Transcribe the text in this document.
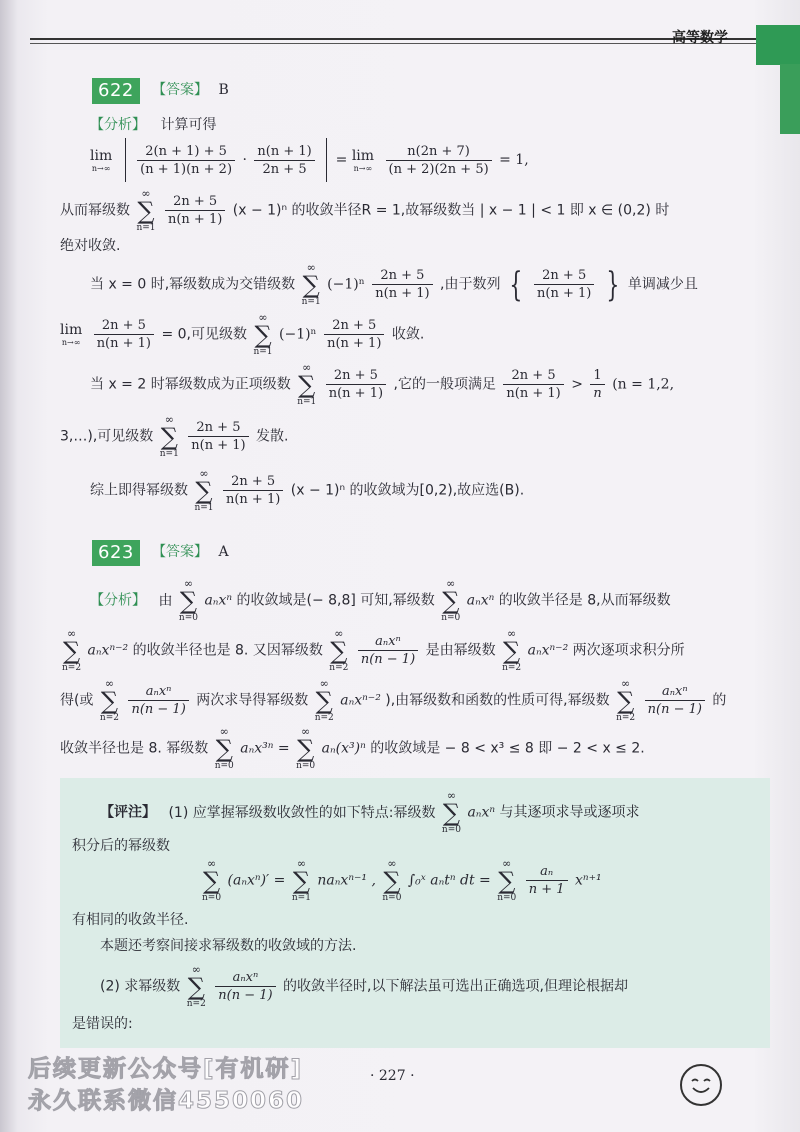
高等数学
622	【答案】 B
【分析】 计算可得
lim
n→∞
$\frac{2(n + 1) + 5}{(n + 1)(n + 2)} \cdot \frac{n(n + 1)}{2n + 5} = \lim$
n→∞
$\frac{n(2n + 7)}{(n + 2)(2n + 5)} = 1$,
从而幂级数
∞
∑
n=1
$\frac{2n + 5}{n(n + 1)} (x - 1)^n$ 的收敛半径R = 1,故幂级数当 | x − 1 | < 1 即 x ∈ (0,2) 时
绝对收敛.
当 x = 0 时,幂级数成为交错级数
∞
∑
n=1
$(-1)^n \frac{2n + 5}{n(n + 1)}$ ,由于数列 { $\frac{2n + 5}{n(n + 1)}$ } 单调减少且
lim
n→∞
$\frac{2n + 5}{n(n + 1)} = 0$,可见级数
∞
∑
n=1
$(-1)^n \frac{2n + 5}{n(n + 1)}$ 收敛.
当 x = 2 时幂级数成为正项级数
∞
∑
n=1
$\frac{2n + 5}{n(n + 1)}$ ,它的一般项满足 $\frac{2n + 5}{n(n + 1)} > \frac{1}{n} (n = 1,2$,
3,…),可见级数
∞
∑
n=1
$\frac{2n + 5}{n(n + 1)}$ 发散.
综上即得幂级数
∞
∑
n=1
$\frac{2n + 5}{n(n + 1)} (x - 1)^n$ 的收敛域为[0,2),故应选(B).
623	【答案】 A
【分析】 由
∞
∑
n=0
aₙxⁿ 的收敛域是(− 8,8] 可知,幂级数
∞
∑
n=0
aₙxⁿ 的收敛半径是 8,从而幂级数
∞
∑
n=2
aₙxⁿ⁻² 的收敛半径也是 8. 又因幂级数
∞
∑
n=2
$\frac{\text{aₙxⁿ}}{n(n - 1)}$ 是由幂级数
∞
∑
n=2
aₙxⁿ⁻² 两次逐项求积分所
得(或
∞
∑
n=2
$\frac{\text{aₙxⁿ}}{n(n - 1)}$ 两次求导得幂级数
∞
∑
n=2
aₙxⁿ⁻² ),由幂级数和函数的性质可得,幂级数
∞
∑
n=2
$\frac{\text{aₙxⁿ}}{n(n - 1)}$ 的
收敛半径也是 8. 幂级数
∞
∑
n=0
aₙx³ⁿ =
∞
∑
n=0
aₙ(x³)ⁿ 的收敛域是 − 8 < x³ ≤ 8 即 − 2 < x ≤ 2.
【评注】 (1) 应掌握幂级数收敛性的如下特点:幂级数
∞
∑
n=0
aₙxⁿ 与其逐项求导或逐项求
积分后的幂级数
∞
∑
n=0
(aₙxⁿ)′ =
∞
∑
n=1
naₙxⁿ⁻¹ ,
∞
∑
n=0
∫₀ˣ aₙtⁿ dt =
∞
∑
n=0
$\frac{\text{aₙ}}{n + 1} x^{n+1}$
有相同的收敛半径.
本题还考察间接求幂级数的收敛域的方法.
(2) 求幂级数
∞
∑
n=2
$\frac{\text{aₙxⁿ}}{n(n - 1)}$ 的收敛半径时,以下解法虽可选出正确选项,但理论根据却
是错误的:
· 227 ·
后续更新公众号[有机研]
永久联系微信4550060
